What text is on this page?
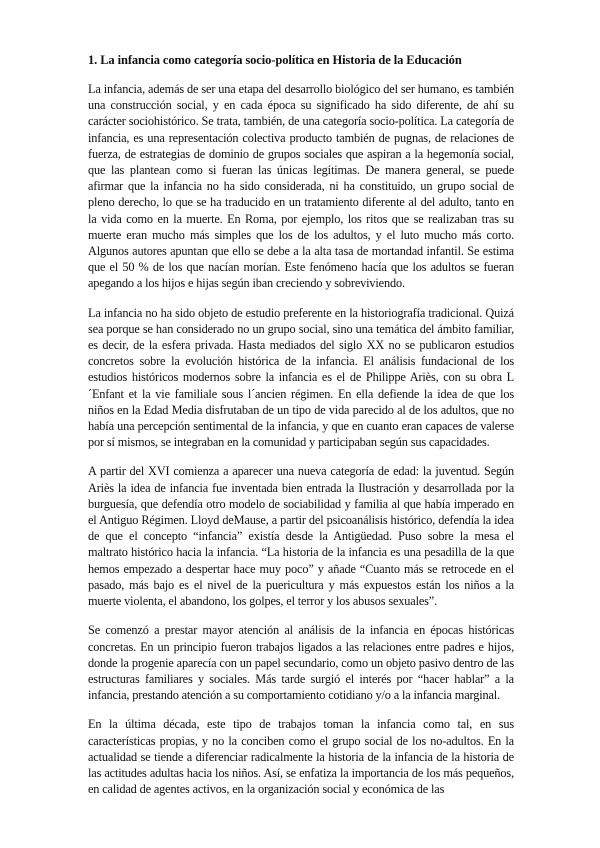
1. La infancia como categoría socio-política en Historia de la Educación

La infancia, además de ser una etapa del desarrollo biológico del ser humano, es también una construcción social, y en cada época su significado ha sido diferente, de ahí su carácter sociohistórico. Se trata, también, de una categoría socio-política. La categoría de infancia, es una representación colectiva producto también de pugnas, de relaciones de fuerza, de estrategias de dominio de grupos sociales que aspiran a la hegemonía social, que las plantean como si fueran las únicas legítimas. De manera general, se puede afirmar que la infancia no ha sido considerada, ni ha constituido, un grupo social de pleno derecho, lo que se ha traducido en un tratamiento diferente al del adulto, tanto en la vida como en la muerte. En Roma, por ejemplo, los ritos que se realizaban tras su muerte eran mucho más simples que los de los adultos, y el luto mucho más corto. Algunos autores apuntan que ello se debe a la alta tasa de mortandad infantil. Se estima que el 50 % de los que nacían morían. Este fenómeno hacía que los adultos se fueran apegando a los hijos e hijas según iban creciendo y sobreviviendo.

La infancia no ha sido objeto de estudio preferente en la historiografía tradicional. Quizá sea porque se han considerado no un grupo social, sino una temática del ámbito familiar, es decir, de la esfera privada. Hasta mediados del siglo XX no se publicaron estudios concretos sobre la evolución histórica de la infancia. El análisis fundacional de los estudios históricos modernos sobre la infancia es el de Philippe Ariès, con su obra L´Enfant et la vie familiale sous l´ancien régimen. En ella defiende la idea de que los niños en la Edad Media disfrutaban de un tipo de vida parecido al de los adultos, que no había una percepción sentimental de la infancia, y que en cuanto eran capaces de valerse por sí mismos, se integraban en la comunidad y participaban según sus capacidades.

A partir del XVI comienza a aparecer una nueva categoría de edad: la juventud. Según Ariès la idea de infancia fue inventada bien entrada la Ilustración y desarrollada por la burguesía, que defendía otro modelo de sociabilidad y familia al que había imperado en el Antiguo Régimen. Lloyd deMause, a partir del psicoanálisis histórico, defendía la idea de que el concepto “infancia” existía desde la Antigüedad. Puso sobre la mesa el maltrato histórico hacia la infancia. “La historia de la infancia es una pesadilla de la que hemos empezado a despertar hace muy poco” y añade “Cuanto más se retrocede en el pasado, más bajo es el nivel de la puericultura y más expuestos están los niños a la muerte violenta, el abandono, los golpes, el terror y los abusos sexuales”.

Se comenzó a prestar mayor atención al análisis de la infancia en épocas históricas concretas. En un principio fueron trabajos ligados a las relaciones entre padres e hijos, donde la progenie aparecía con un papel secundario, como un objeto pasivo dentro de las estructuras familiares y sociales. Más tarde surgió el interés por “hacer hablar” a la infancia, prestando atención a su comportamiento cotidiano y/o a la infancia marginal.

En la última década, este tipo de trabajos toman la infancia como tal, en sus características propias, y no la conciben como el grupo social de los no-adultos. En la actualidad se tiende a diferenciar radicalmente la historia de la infancia de la historia de las actitudes adultas hacia los niños. Así, se enfatiza la importancia de los más pequeños, en calidad de agentes activos, en la organización social y económica de las
